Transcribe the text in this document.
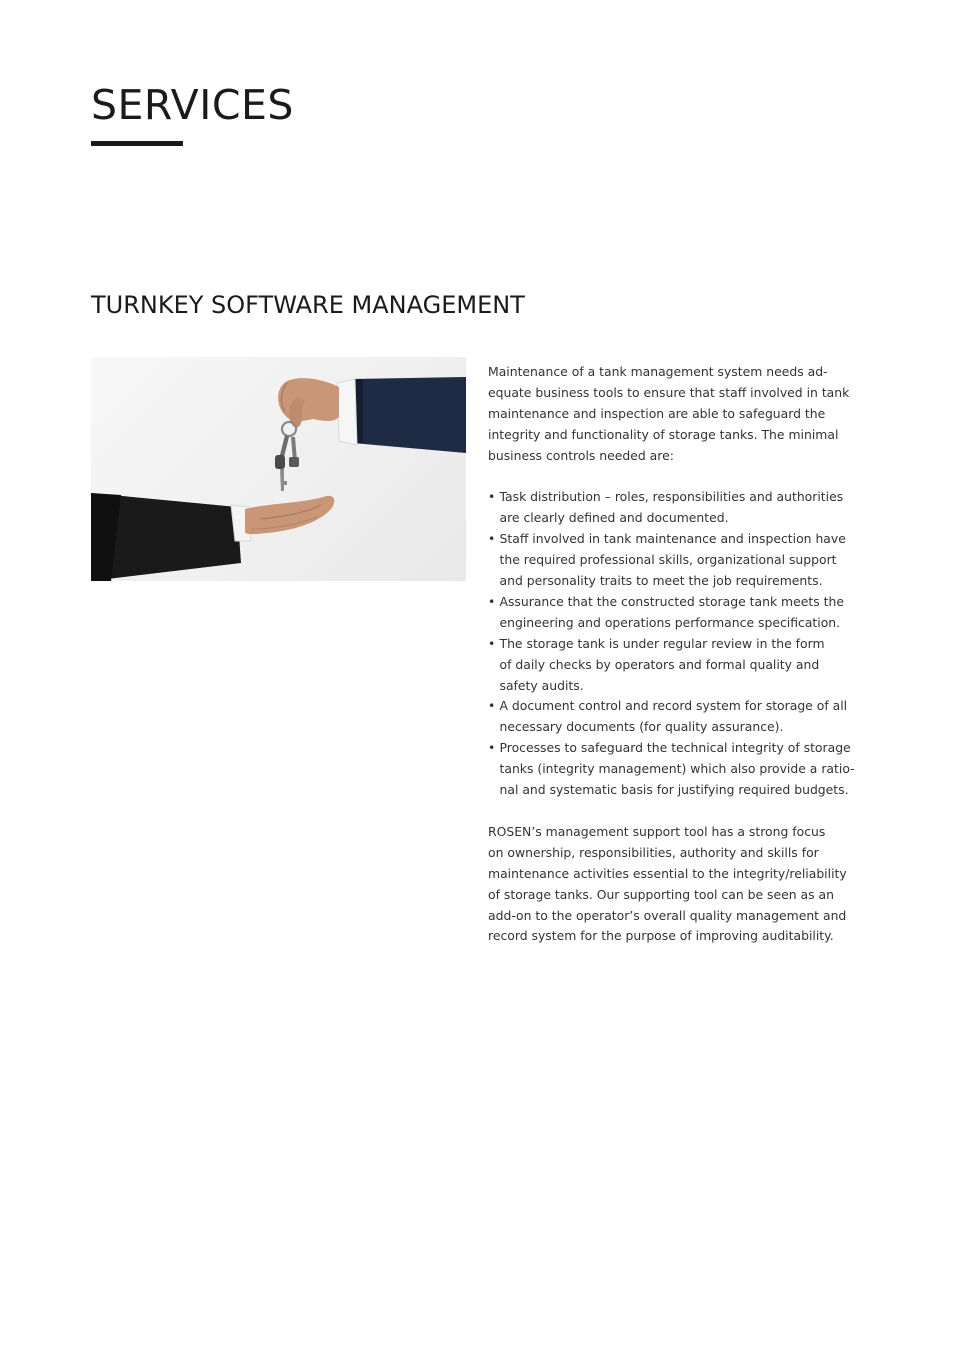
SERVICES
TURNKEY SOFTWARE MANAGEMENT

Maintenance of a tank management system needs ad-
equate business tools to ensure that staff involved in tank
maintenance and inspection are able to safeguard the
integrity and functionality of storage tanks. The minimal
business controls needed are:

• Task distribution – roles, responsibilities and authorities
are clearly defined and documented.
• Staff involved in tank maintenance and inspection have
the required professional skills, organizational support
and personality traits to meet the job requirements.
• Assurance that the constructed storage tank meets the
engineering and operations performance specification.
• The storage tank is under regular review in the form
of daily checks by operators and formal quality and
safety audits.
• A document control and record system for storage of all
necessary documents (for quality assurance).
• Processes to safeguard the technical integrity of storage
tanks (integrity management) which also provide a ratio-
nal and systematic basis for justifying required budgets.

ROSEN’s management support tool has a strong focus
on ownership, responsibilities, authority and skills for
maintenance activities essential to the integrity/reliability
of storage tanks. Our supporting tool can be seen as an
add-on to the operator’s overall quality management and
record system for the purpose of improving auditability.
